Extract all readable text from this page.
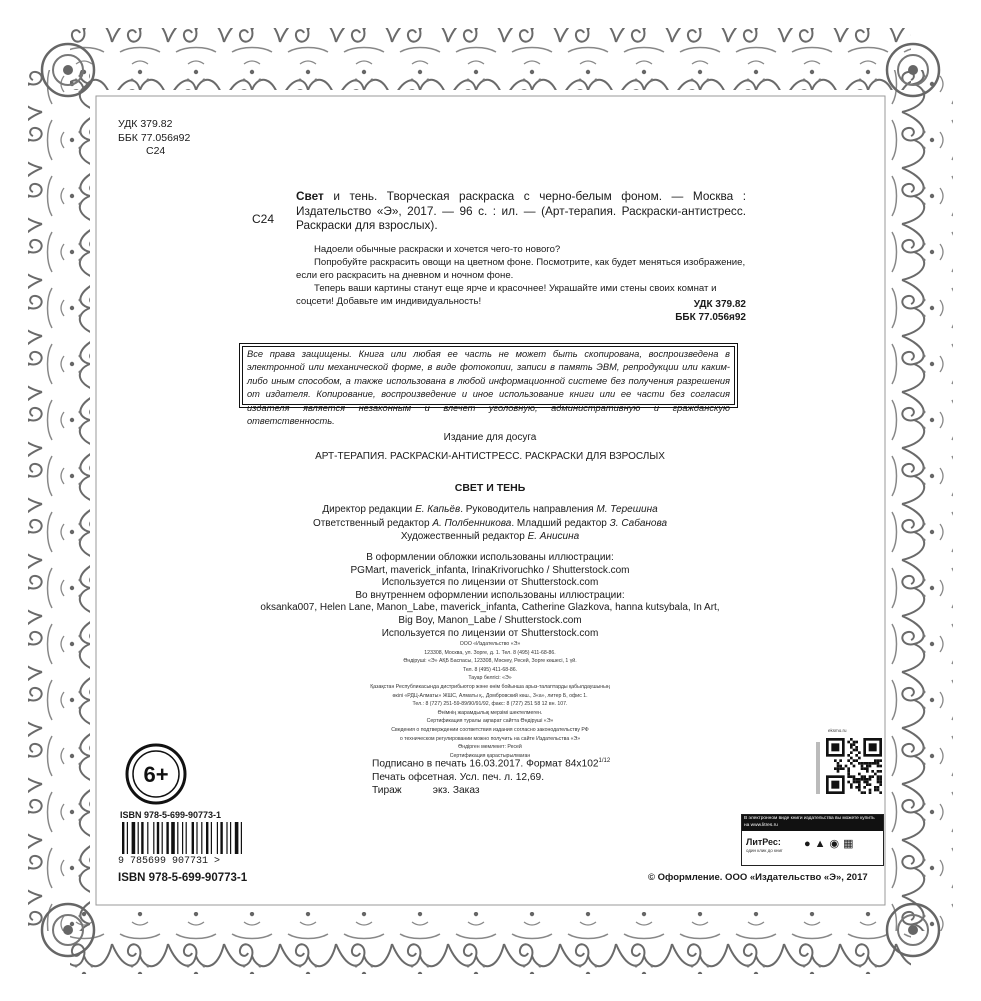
УДК 379.82
ББК 77.056я92
С24
С24
Свет и тень. Творческая раскраска с черно-белым фоном. — Москва : Издательство «Э», 2017. — 96 с. : ил. — (Арт-терапия. Раскраски-антистресс. Раскраски для взрослых).

Надоели обычные раскраски и хочется чего-то нового?

Попробуйте раскрасить овощи на цветном фоне. Посмотрите, как будет меняться изображение, если его раскрасить на дневном и ночном фоне.

Теперь ваши картины станут еще ярче и красочнее! Украшайте ими стены своих комнат и соцсети! Добавьте им индивидуальность!	УДК 379.82
ББК 77.056я92
Все права защищены. Книга или любая ее часть не может быть скопирована, воспроизведена в электронной или механической форме, в виде фотокопии, записи в память ЭВМ, репродукции или каким-либо иным способом, а также использована в любой информационной системе без получения разрешения от издателя. Копирование, воспроизведение и иное использование книги или ее части без согласия издателя является незаконным и влечет уголовную, административную и гражданскую ответственность.
Издание для досуга
АРТ-ТЕРАПИЯ. РАСКРАСКИ-АНТИСТРЕСС. РАСКРАСКИ ДЛЯ ВЗРОСЛЫХ
СВЕТ И ТЕНЬ
Директор редакции Е. Капьёв. Руководитель направления М. Терешина
Ответственный редактор А. Полбенникова. Младший редактор З. Сабанова
Художественный редактор Е. Анисина
В оформлении обложки использованы иллюстрации:
PGMart, maverick_infanta, IrinaKrivoruchko / Shutterstock.com
Используется по лицензии от Shutterstock.com
Во внутреннем оформлении использованы иллюстрации:
oksanka007, Helen Lane, Manon_Labe, maverick_infanta, Catherine Glazkova, hanna kutsybala, In Art,
Big Boy, Manon_Labe / Shutterstock.com
Используется по лицензии от Shutterstock.com
ООО «Издательство «Э»
123308, Москва, ул. Зорге, д. 1. Тел. 8 (495) 411-68-86.
Өндіруші: «Э» АҚБ Баспасы, 123308, Мәскеу, Ресей, Зорге көшесі, 1 үй.
Тел. 8 (495) 411-68-86.
Тауар белгісі: «Э»
Қазақстан Республикасында дистрибьютор және өнім бойынша арыз-талаптарды қабылдаушының
өкілі «РДЦ-Алматы» ЖШС, Алматы қ., Домбровский көш., 3«а», литер Б, офис 1.
Тел.: 8 (727) 251-59-89/90/91/92, факс: 8 (727) 251 58 12 вн. 107.
Өнімнің жарамдылық мерзімі шектелмеген.
Сертификация туралы ақпарат сайтта Өндіруші «Э»
Сведения о подтверждении соответствия издания согласно законодательству РФ
о техническом регулировании можно получить на сайте Издательства «Э»
Өндірген мемлекет: Ресей
Сертификация қарастырылмаған
Подписано в печать 16.03.2017. Формат $84x102^{1/12}$
Печать офсетная. Усл. печ. л. 12,69.
Тираж           экз. Заказ
6+
ISBN 978-5-699-90773-1
9 785699 907731 >
ISBN 978-5-699-90773-1
eksmo.ru
В электронном виде книги издательства вы можете купить на www.litres.ru
ЛитРес:
один клик до книг
●▲◉▦
© Оформление. ООО «Издательство «Э», 2017
